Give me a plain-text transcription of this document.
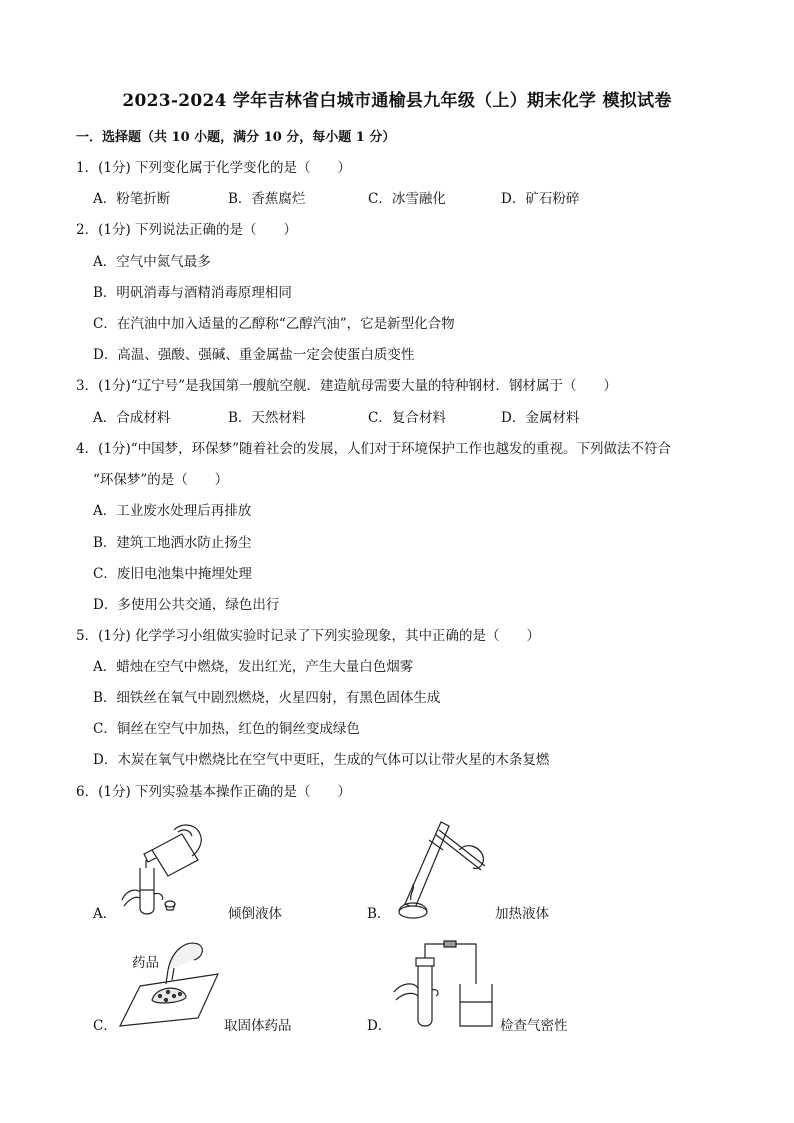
2023-2024 学年吉林省白城市通榆县九年级（上）期末化学 模拟试卷
一．选择题（共 10 小题，满分 10 分，每小题 1 分）
1．(1分) 下列变化属于化学变化的是（　　）
A．粉笔折断	B．香蕉腐烂	C．冰雪融化	D．矿石粉碎
2．(1分) 下列说法正确的是（　　）
A．空气中氮气最多
B．明矾消毒与酒精消毒原理相同
C．在汽油中加入适量的乙醇称“乙醇汽油”，它是新型化合物
D．高温、强酸、强碱、重金属盐一定会使蛋白质变性
3．(1分)“辽宁号”是我国第一艘航空舰．建造航母需要大量的特种钢材．钢材属于（　　）
A．合成材料	B．天然材料	C．复合材料	D．金属材料
4．(1分)“中国梦，环保梦”随着社会的发展，人们对于环境保护工作也越发的重视。下列做法不符合
“环保梦”的是（　　）
A．工业废水处理后再排放
B．建筑工地洒水防止扬尘
C．废旧电池集中掩埋处理
D．多使用公共交通，绿色出行
5．(1分) 化学学习小组做实验时记录了下列实验现象，其中正确的是（　　）
A．蜡烛在空气中燃烧，发出红光，产生大量白色烟雾
B．细铁丝在氧气中剧烈燃烧，火星四射，有黑色固体生成
C．铜丝在空气中加热，红色的铜丝变成绿色
D．木炭在氧气中燃烧比在空气中更旺，生成的气体可以让带火星的木条复燃
6．(1分) 下列实验基本操作正确的是（　　）
A．	倾倒液体	B．	加热液体
C．
药品
取固体药品	D．	检查气密性
